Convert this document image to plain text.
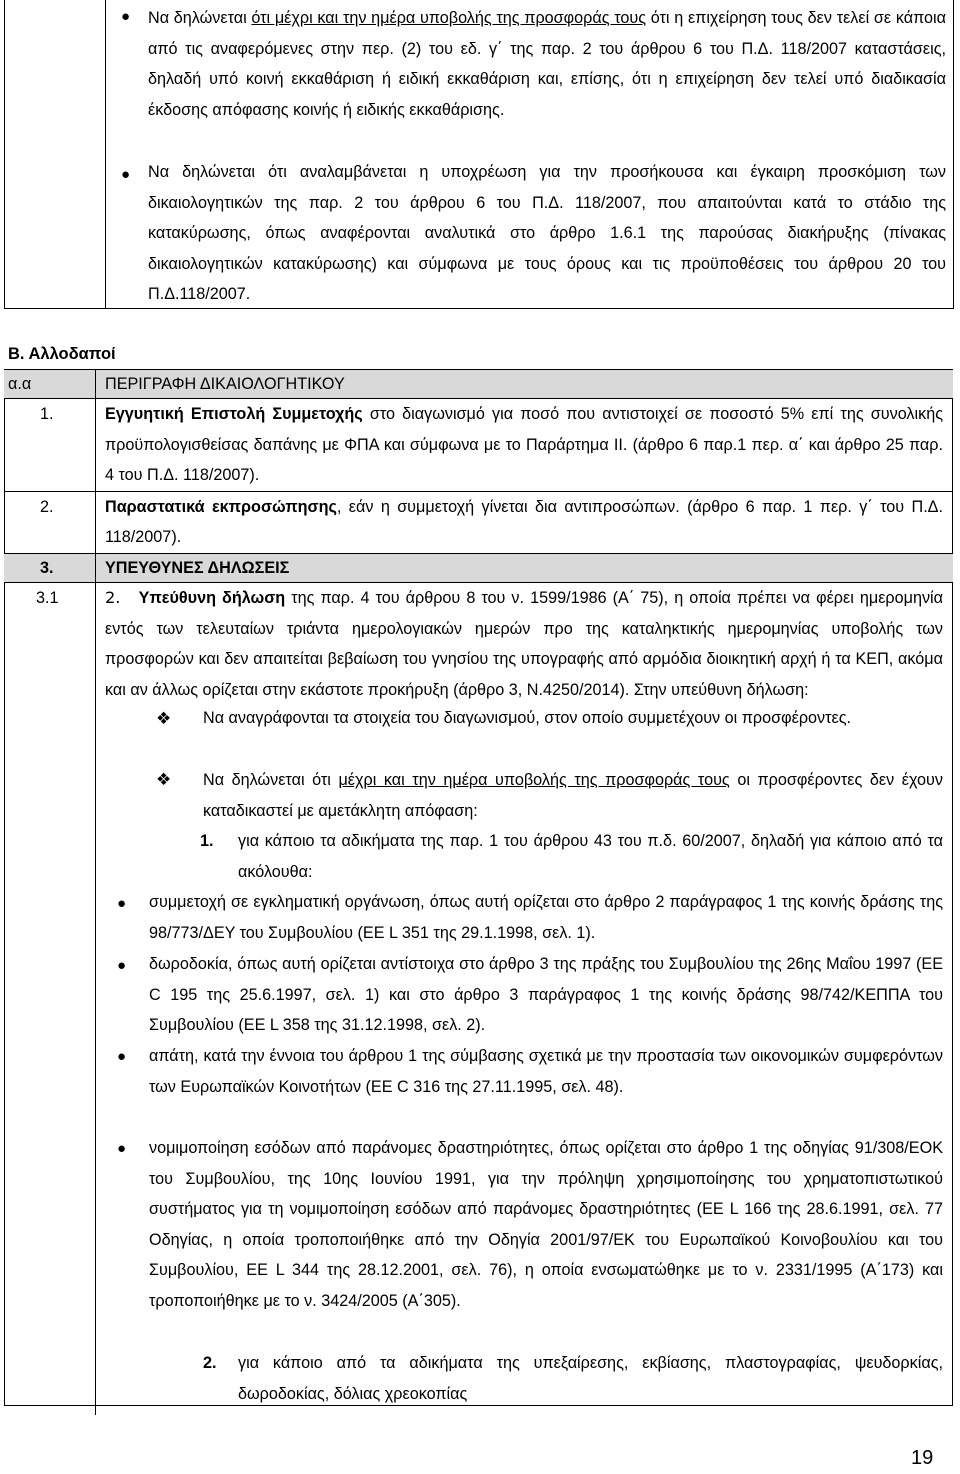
● Να δηλώνεται ότι μέχρι και την ημέρα υποβολής της προσφοράς τους ότι η επιχείρηση τους δεν τελεί σε κάποια από τις αναφερόμενες στην περ. (2) του εδ. γ΄ της παρ. 2 του άρθρου 6 του Π.Δ. 118/2007 καταστάσεις, δηλαδή υπό κοινή εκκαθάριση ή ειδική εκκαθάριση και, επίσης, ότι η επιχείρηση δεν τελεί υπό διαδικασία έκδοσης απόφασης κοινής ή ειδικής εκκαθάρισης.
● Να δηλώνεται ότι αναλαμβάνεται η υποχρέωση για την προσήκουσα και έγκαιρη προσκόμιση των δικαιολογητικών της παρ. 2 του άρθρου 6 του Π.Δ. 118/2007, που απαιτούνται κατά το στάδιο της κατακύρωσης, όπως αναφέρονται αναλυτικά στο άρθρο 1.6.1 της παρούσας διακήρυξης (πίνακας δικαιολογητικών κατακύρωσης) και σύμφωνα με τους όρους και τις προϋποθέσεις του άρθρου 20 του Π.Δ.118/2007.
Β. Αλλοδαποί
α.α	ΠΕΡΙΓΡΑΦΗ ΔΙΚΑΙΟΛΟΓΗΤΙΚΟΥ
1.	Εγγυητική Επιστολή Συμμετοχής στο διαγωνισμό για ποσό που αντιστοιχεί σε ποσοστό 5% επί της συνολικής προϋπολογισθείσας δαπάνης με ΦΠΑ και σύμφωνα με το Παράρτημα ΙΙ. (άρθρο 6 παρ.1 περ. α΄ και άρθρο 25 παρ. 4 του Π.Δ. 118/2007).
2.	Παραστατικά εκπροσώπησης, εάν η συμμετοχή γίνεται δια αντιπροσώπων. (άρθρο 6 παρ. 1 περ. γ΄ του Π.Δ. 118/2007).
3.	ΥΠΕΥΘΥΝΕΣ ΔΗΛΩΣΕΙΣ
3.1	2. Υπεύθυνη δήλωση της παρ. 4 του άρθρου 8 του ν. 1599/1986 (Α΄ 75), η οποία πρέπει να φέρει ημερομηνία εντός των τελευταίων τριάντα ημερολογιακών ημερών προ της καταληκτικής ημερομηνίας υποβολής των προσφορών και δεν απαιτείται βεβαίωση του γνησίου της υπογραφής από αρμόδια διοικητική αρχή ή τα ΚΕΠ, ακόμα και αν άλλως ορίζεται στην εκάστοτε προκήρυξη (άρθρο 3, Ν.4250/2014). Στην υπεύθυνη δήλωση:
❖ Να αναγράφονται τα στοιχεία του διαγωνισμού, στον οποίο συμμετέχουν οι προσφέροντες.
❖ Να δηλώνεται ότι μέχρι και την ημέρα υποβολής της προσφοράς τους οι προσφέροντες δεν έχουν καταδικαστεί με αμετάκλητη απόφαση:
1. για κάποιο τα αδικήματα της παρ. 1 του άρθρου 43 του π.δ. 60/2007, δηλαδή για κάποιο από τα ακόλουθα:
● συμμετοχή σε εγκληματική οργάνωση, όπως αυτή ορίζεται στο άρθρο 2 παράγραφος 1 της κοινής δράσης της 98/773/ΔΕΥ του Συμβουλίου (ΕΕ L 351 της 29.1.1998, σελ. 1).
● δωροδοκία, όπως αυτή ορίζεται αντίστοιχα στο άρθρο 3 της πράξης του Συμβουλίου της 26ης Μαΐου 1997 (ΕΕ C 195 της 25.6.1997, σελ. 1) και στο άρθρο 3 παράγραφος 1 της κοινής δράσης 98/742/ΚΕΠΠΑ του Συμβουλίου (ΕΕ L 358 της 31.12.1998, σελ. 2).
● απάτη, κατά την έννοια του άρθρου 1 της σύμβασης σχετικά με την προστασία των οικονομικών συμφερόντων των Ευρωπαϊκών Κοινοτήτων (ΕΕ C 316 της 27.11.1995, σελ. 48).
● νομιμοποίηση εσόδων από παράνομες δραστηριότητες, όπως ορίζεται στο άρθρο 1 της οδηγίας 91/308/ΕΟΚ του Συμβουλίου, της 10ης Ιουνίου 1991, για την πρόληψη χρησιμοποίησης του χρηματοπιστωτικού συστήματος για τη νομιμοποίηση εσόδων από παράνομες δραστηριότητες (ΕΕ L 166 της 28.6.1991, σελ. 77 Οδηγίας, η οποία τροποποιήθηκε από την Οδηγία 2001/97/ΕΚ του Ευρωπαϊκού Κοινοβουλίου και του Συμβουλίου, ΕΕ L 344 της 28.12.2001, σελ. 76), η οποία ενσωματώθηκε με το ν. 2331/1995 (Α΄173) και τροποποιήθηκε με το ν. 3424/2005 (Α΄305).
2. για κάποιο από τα αδικήματα της υπεξαίρεσης, εκβίασης, πλαστογραφίας, ψευδορκίας, δωροδοκίας, δόλιας χρεοκοπίας
19
